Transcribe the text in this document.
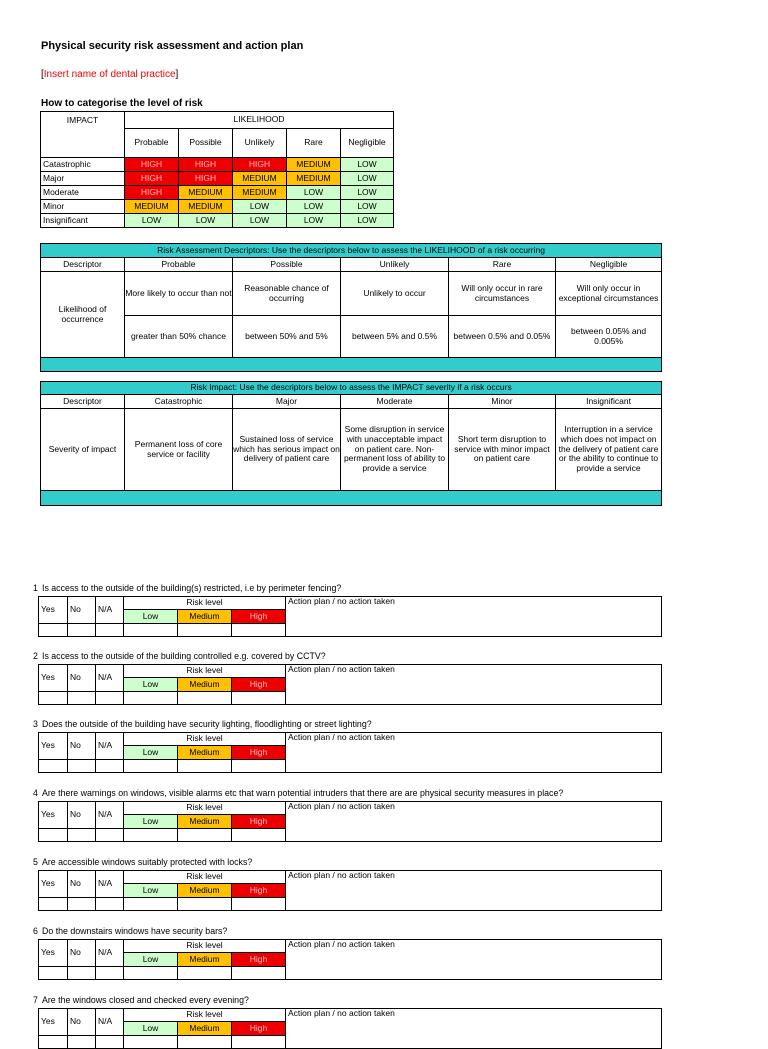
Physical security risk assessment and action plan
[Insert name of dental practice]
How to categorise the level of risk
IMPACT	LIKELIHOOD				
	Probable	Possible	Unlikely	Rare	Negligible
Catastrophic	HIGH	HIGH	HIGH	MEDIUM	LOW
Major	HIGH	HIGH	MEDIUM	MEDIUM	LOW
Moderate	HIGH	MEDIUM	MEDIUM	LOW	LOW
Minor	MEDIUM	MEDIUM	LOW	LOW	LOW
Insignificant	LOW	LOW	LOW	LOW	LOW
Risk Assessment Descriptors: Use the descriptors below to assess the LIKELIHOOD of a risk occurring					
Descriptor	Probable	Possible	Unlikely	Rare	Negligible
Likelihood of occurrence	More likely to occur than not	Reasonable chance of occurring	Unlikely to occur	Will only occur in rare circumstances	Will only occur in exceptional circumstances
	greater than 50% chance	between 50% and 5%	between 5% and 0.5%	between 0.5% and 0.05%	between 0.05% and 0.005%

Risk Impact: Use the descriptors below to assess the IMPACT severity if a risk occurs					
Descriptor	Catastrophic	Major	Moderate	Minor	Insignificant
Severity of impact	Permanent loss of core service or facility	Sustained loss of service which has serious impact on delivery of patient care	Some disruption in service with unacceptable impact on patient care. Non-permanent loss of ability to provide a service	Short term disruption to service with minor impact on patient care	Interruption in a service which does not impact on the delivery of patient care or the ability to continue to provide a service

1 Is access to the outside of the building(s) restricted, i.e by perimeter fencing?
Yes	No	N/A	Risk level			Action plan / no action taken
			Low	Medium	High	

2 Is access to the outside of the building controlled e.g. covered by CCTV?
Yes	No	N/A	Risk level			Action plan / no action taken
			Low	Medium	High	

3 Does the outside of the building have security lighting, floodlighting or street lighting?
Yes	No	N/A	Risk level			Action plan / no action taken
			Low	Medium	High	

4 Are there warnings on windows, visible alarms etc that warn potential intruders that there are are physical security measures in place?
Yes	No	N/A	Risk level			Action plan / no action taken
			Low	Medium	High	

5 Are accessible windows suitably protected with locks?
Yes	No	N/A	Risk level			Action plan / no action taken
			Low	Medium	High	

6 Do the downstairs windows have security bars?
Yes	No	N/A	Risk level			Action plan / no action taken
			Low	Medium	High	

7 Are the windows closed and checked every evening?
Yes	No	N/A	Risk level			Action plan / no action taken
			Low	Medium	High	
